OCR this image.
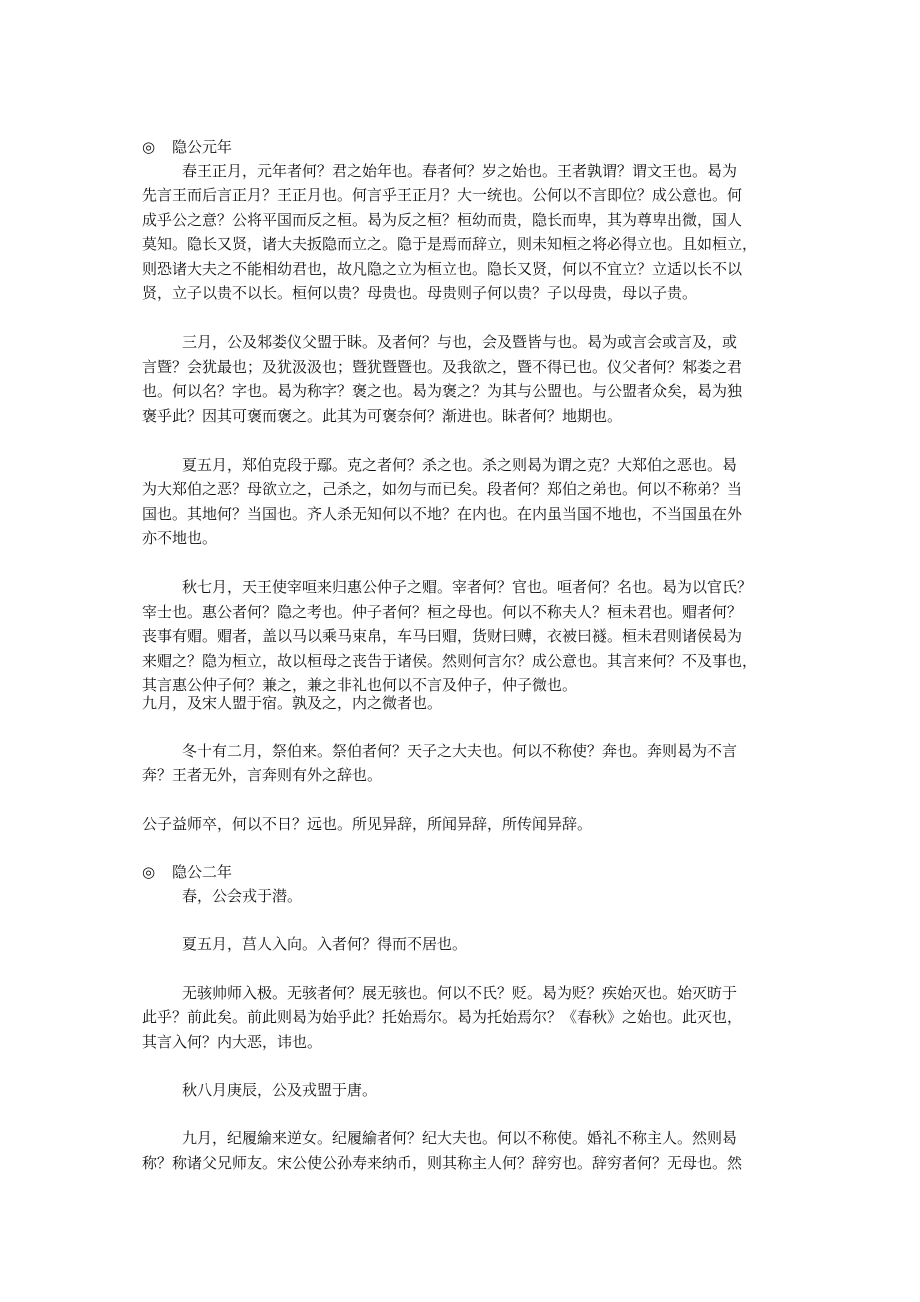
◎ 隐公元年
春王正月，元年者何？君之始年也。春者何？岁之始也。王者孰谓？谓文王也。曷为
先言王而后言正月？王正月也。何言乎王正月？大一统也。公何以不言即位？成公意也。何
成乎公之意？公将平国而反之桓。曷为反之桓？桓幼而贵，隐长而卑，其为尊卑出微，国人
莫知。隐长又贤，诸大夫扳隐而立之。隐于是焉而辞立，则未知桓之将必得立也。且如桓立，
则恐诸大夫之不能相幼君也，故凡隐之立为桓立也。隐长又贤，何以不宜立？立适以长不以
贤，立子以贵不以长。桓何以贵？母贵也。母贵则子何以贵？子以母贵，母以子贵。
三月，公及邾娄仪父盟于眛。及者何？与也，会及暨皆与也。曷为或言会或言及，或
言暨？会犹最也；及犹汲汲也；暨犹暨暨也。及我欲之，暨不得已也。仪父者何？邾娄之君
也。何以名？字也。曷为称字？褒之也。曷为褒之？为其与公盟也。与公盟者众矣，曷为独
褒乎此？因其可褒而褒之。此其为可褒奈何？渐进也。眛者何？地期也。
夏五月，郑伯克段于鄢。克之者何？杀之也。杀之则曷为谓之克？大郑伯之恶也。曷
为大郑伯之恶？母欲立之，己杀之，如勿与而已矣。段者何？郑伯之弟也。何以不称弟？当
国也。其地何？当国也。齐人杀无知何以不地？在内也。在内虽当国不地也，不当国虽在外
亦不地也。
秋七月，天王使宰咺来归惠公仲子之赗。宰者何？官也。咺者何？名也。曷为以官氏？
宰士也。惠公者何？隐之考也。仲子者何？桓之母也。何以不称夫人？桓未君也。赗者何？
丧事有赗。赗者，盖以马以乘马束帛，车马曰赗，货财曰赙，衣被曰襚。桓未君则诸侯曷为
来赗之？隐为桓立，故以桓母之丧告于诸侯。然则何言尔？成公意也。其言来何？不及事也，
其言惠公仲子何？兼之，兼之非礼也何以不言及仲子，仲子微也。
九月，及宋人盟于宿。孰及之，内之微者也。
冬十有二月，祭伯来。祭伯者何？天子之大夫也。何以不称使？奔也。奔则曷为不言
奔？王者无外，言奔则有外之辞也。
公子益师卒，何以不日？远也。所见异辞，所闻异辞，所传闻异辞。
◎ 隐公二年
春，公会戎于潜。
夏五月，莒人入向。入者何？得而不居也。
无骇帅师入极。无骇者何？展无骇也。何以不氏？贬。曷为贬？疾始灭也。始灭昉于
此乎？前此矣。前此则曷为始乎此？托始焉尔。曷为托始焉尔？《春秋》之始也。此灭也，
其言入何？内大恶，讳也。
秋八月庚辰，公及戎盟于唐。
九月，纪履緰来逆女。纪履緰者何？纪大夫也。何以不称使。婚礼不称主人。然则曷
称？称诸父兄师友。宋公使公孙寿来纳币，则其称主人何？辞穷也。辞穷者何？无母也。然
